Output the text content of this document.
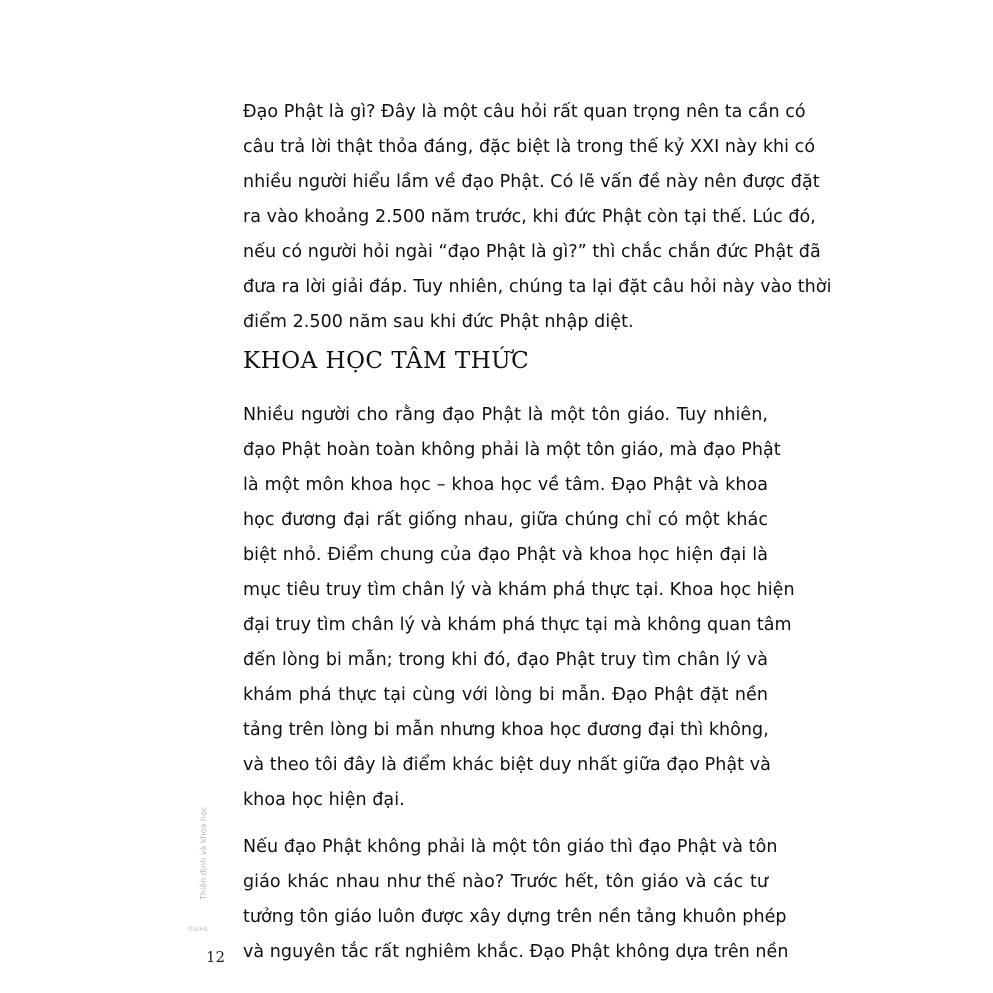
Đạo Phật là gì? Đây là một câu hỏi rất quan trọng nên ta cần có
câu trả lời thật thỏa đáng, đặc biệt là trong thế kỷ XXI này khi có
nhiều người hiểu lầm về đạo Phật. Có lẽ vấn đề này nên được đặt
ra vào khoảng 2.500 năm trước, khi đức Phật còn tại thế. Lúc đó,
nếu có người hỏi ngài “đạo Phật là gì?” thì chắc chắn đức Phật đã
đưa ra lời giải đáp. Tuy nhiên, chúng ta lại đặt câu hỏi này vào thời
điểm 2.500 năm sau khi đức Phật nhập diệt.
KHOA HỌC TÂM THỨC
Nhiều người cho rằng đạo Phật là một tôn giáo. Tuy nhiên,
đạo Phật hoàn toàn không phải là một tôn giáo, mà đạo Phật
là một môn khoa học – khoa học về tâm. Đạo Phật và khoa
học đương đại rất giống nhau, giữa chúng chỉ có một khác
biệt nhỏ. Điểm chung của đạo Phật và khoa học hiện đại là
mục tiêu truy tìm chân lý và khám phá thực tại. Khoa học hiện
đại truy tìm chân lý và khám phá thực tại mà không quan tâm
đến lòng bi mẫn; trong khi đó, đạo Phật truy tìm chân lý và
khám phá thực tại cùng với lòng bi mẫn. Đạo Phật đặt nền
tảng trên lòng bi mẫn nhưng khoa học đương đại thì không,
và theo tôi đây là điểm khác biệt duy nhất giữa đạo Phật và
khoa học hiện đại.
Nếu đạo Phật không phải là một tôn giáo thì đạo Phật và tôn
giáo khác nhau như thế nào? Trước hết, tôn giáo và các tư
tưởng tôn giáo luôn được xây dựng trên nền tảng khuôn phép
và nguyên tắc rất nghiêm khắc. Đạo Phật không dựa trên nền
Thiền định và khoa học
tháiHà
12
